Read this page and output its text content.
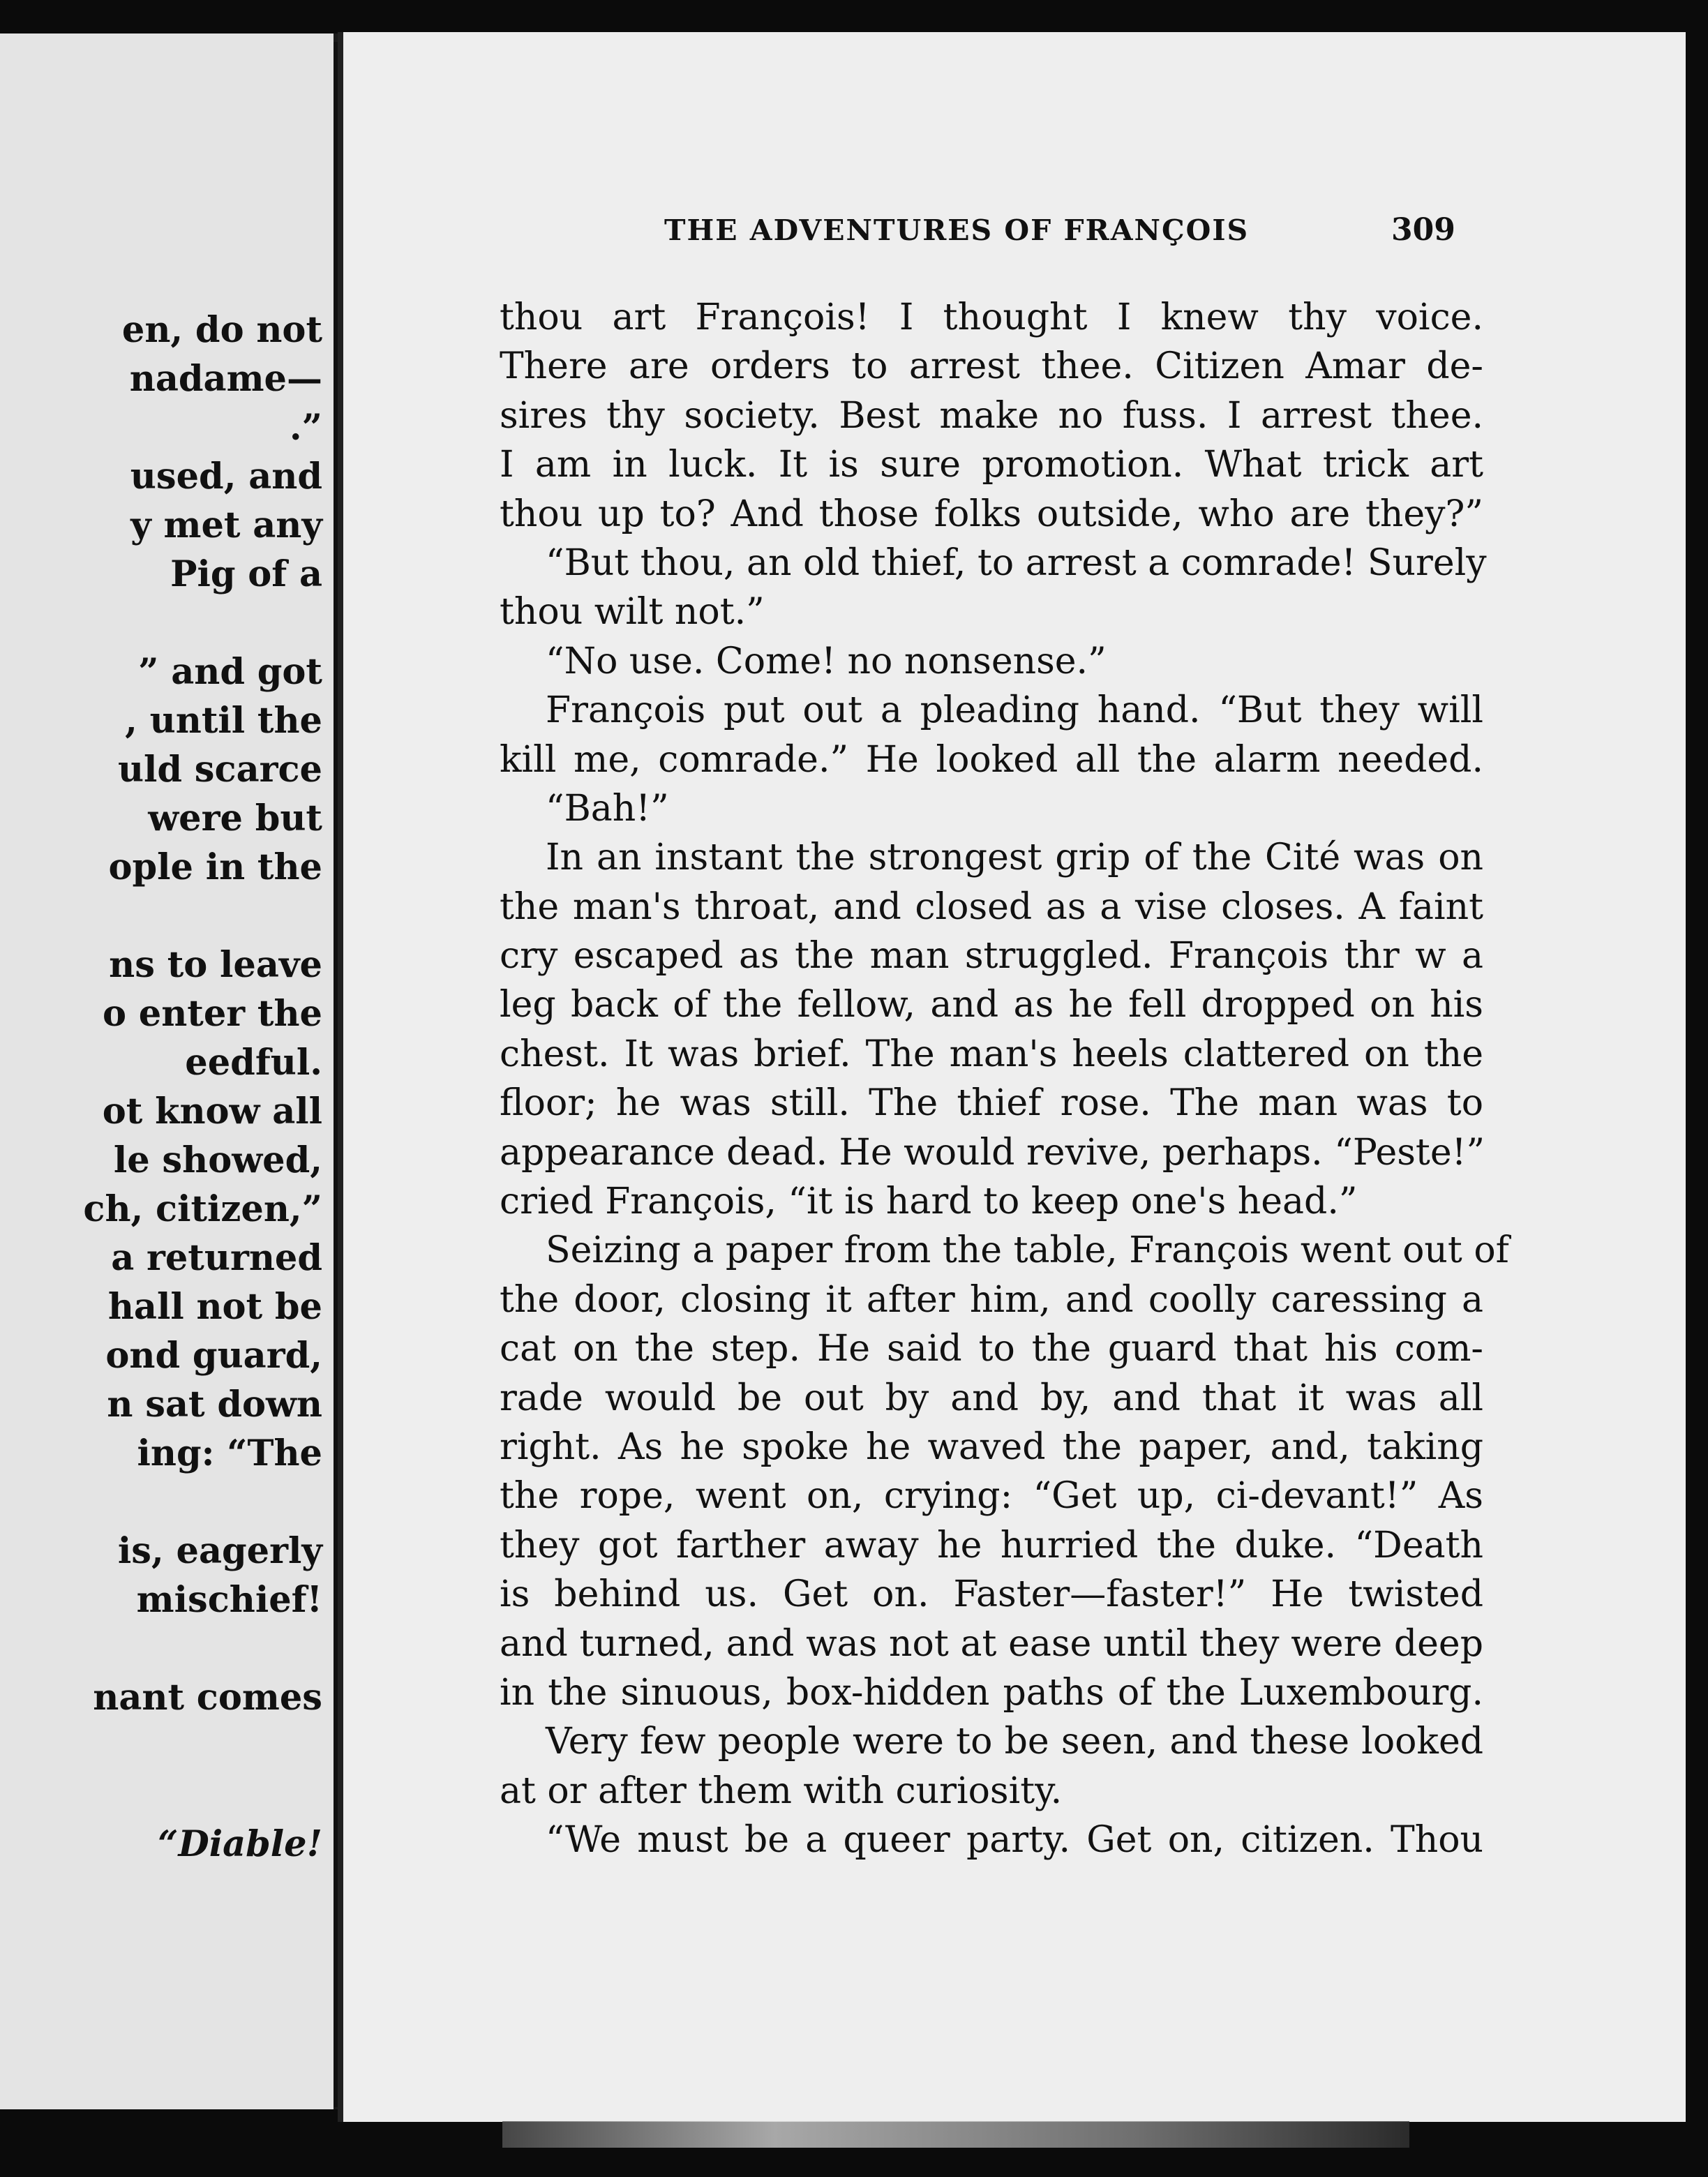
en, do not
nadame—
.”
used, and
y met any
Pig of a
” and got
, until the
uld scarce
were but
ople in the
ns to leave
o enter the
eedful.
ot know all
le showed,
ch, citizen,”
a returned
hall not be
ond guard,
n sat down
ing: “The
is, eagerly
mischief!
nant comes
“Diable!
THE ADVENTURES OF FRANÇOIS	309
thou art François! I thought I knew thy voice.
There are orders to arrest thee. Citizen Amar de-
sires thy society. Best make no fuss. I arrest thee.
I am in luck. It is sure promotion. What trick art
thou up to? And those folks outside, who are they?”
“But thou, an old thief, to arrest a comrade! Surely
thou wilt not.”
“No use. Come! no nonsense.”
François put out a pleading hand. “But they will
kill me, comrade.” He looked all the alarm needed.
“Bah!”
In an instant the strongest grip of the Cité was on
the man's throat, and closed as a vise closes. A faint
cry escaped as the man struggled. François thr w a
leg back of the fellow, and as he fell dropped on his
chest. It was brief. The man's heels clattered on the
floor; he was still. The thief rose. The man was to
appearance dead. He would revive, perhaps. “Peste!”
cried François, “it is hard to keep one's head.”
Seizing a paper from the table, François went out of
the door, closing it after him, and coolly caressing a
cat on the step. He said to the guard that his com-
rade would be out by and by, and that it was all
right. As he spoke he waved the paper, and, taking
the rope, went on, crying: “Get up, ci-devant!” As
they got farther away he hurried the duke. “Death
is behind us. Get on. Faster—faster!” He twisted
and turned, and was not at ease until they were deep
in the sinuous, box-hidden paths of the Luxembourg.
Very few people were to be seen, and these looked
at or after them with curiosity.
“We must be a queer party. Get on, citizen. Thou
